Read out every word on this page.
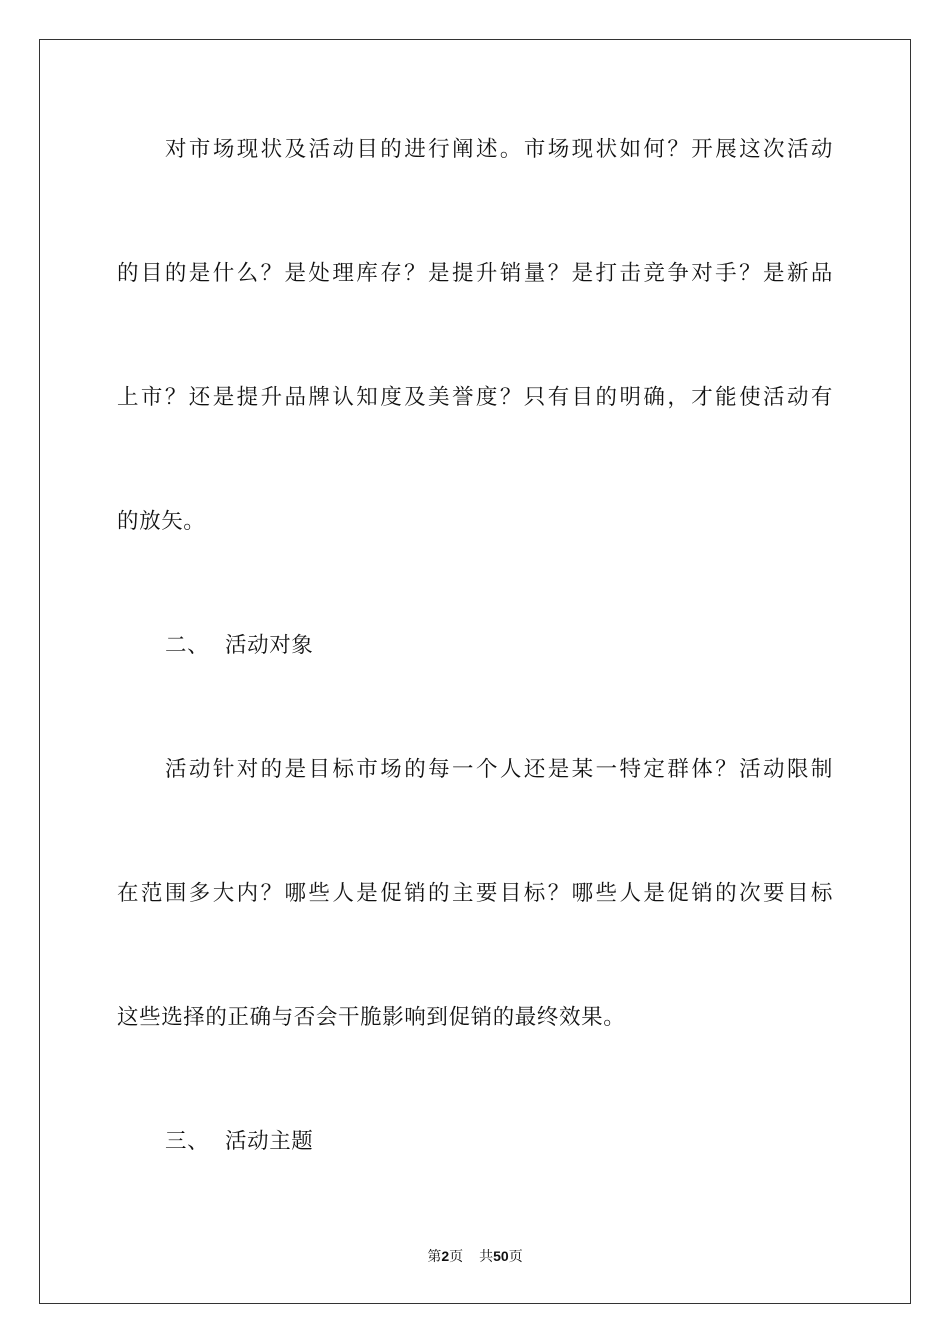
对市场现状及活动目的进行阐述。市场现状如何？开展这次活动
的目的是什么？是处理库存？是提升销量？是打击竞争对手？是新品
上市？还是提升品牌认知度及美誉度？只有目的明确，才能使活动有
的放矢。
二、 活动对象
活动针对的是目标市场的每一个人还是某一特定群体？活动限制
在范围多大内？哪些人是促销的主要目标？哪些人是促销的次要目标
这些选择的正确与否会干脆影响到促销的最终效果。
三、 活动主题
第2页 共50页
